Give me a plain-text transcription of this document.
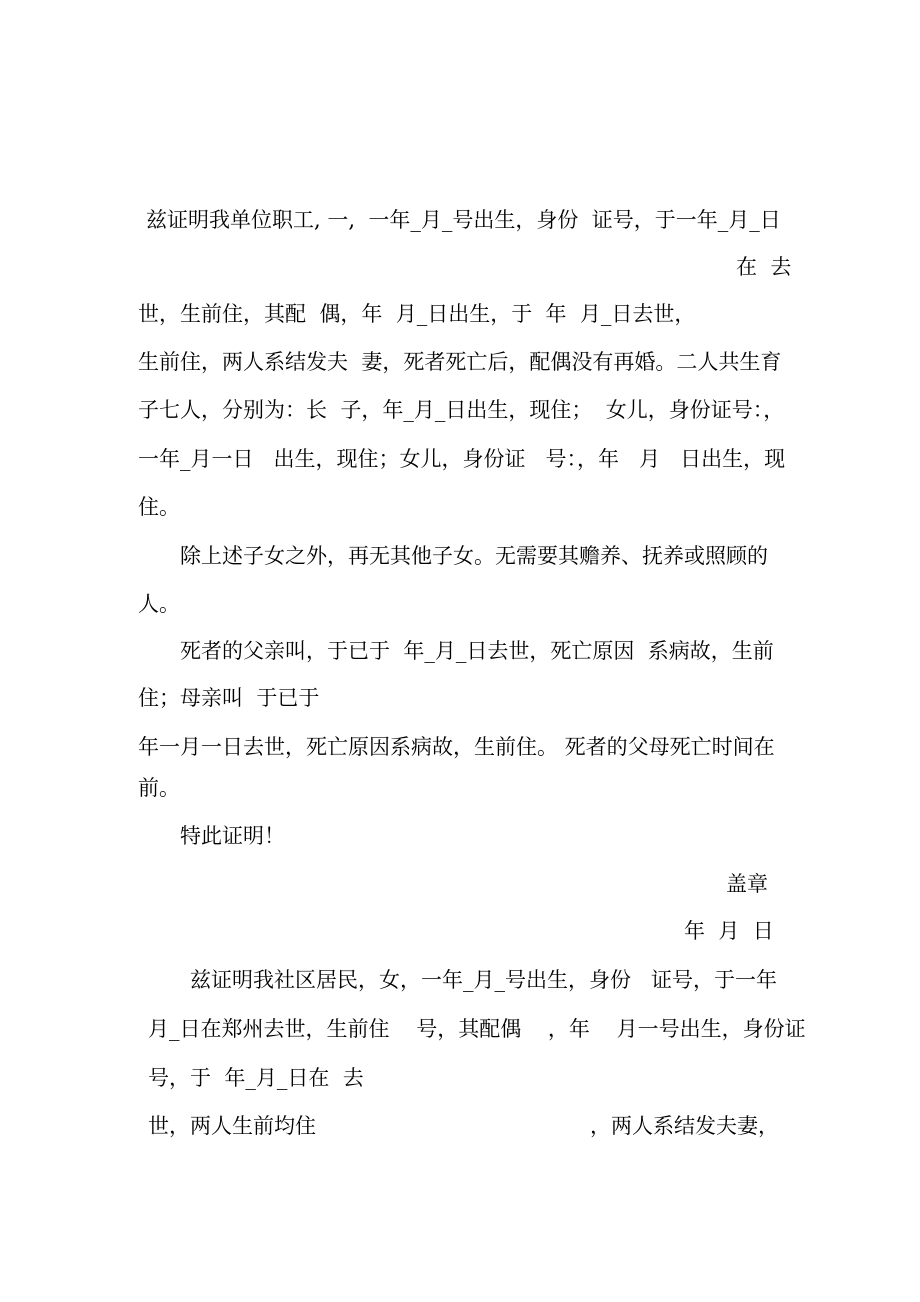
兹证明我单位职工, 一,  一年_月_号出生，身份  证号，于一年_月_日
在  去
世，生前住，其配  偶，年  月_日出生，于  年  月_日去世，
生前住，两人系结发夫  妻，死者死亡后，配偶没有再婚。二人共生育
子七人，分别为：长  子，年_月_日出生，现住；  女儿，身份证号：，
一年_月一日   出生，现住；女儿，身份证   号：，年   月   日出生，现
住。
除上述子女之外，再无其他子女。无需要其赡养、抚养或照顾的
人。
死者的父亲叫，于已于  年_月_日去世，死亡原因  系病故，生前
住；母亲叫  于已于
年一月一日去世，死亡原因系病故，生前住。 死者的父母死亡时间在
前。
特此证明！
盖章
年  月  日
兹证明我社区居民，女，一年_月_号出生，身份   证号，于一年
月_日在郑州去世，生前住    号，其配偶    ，年    月一号出生，身份证
号，于  年_月_日在  去
世，两人生前均住	，两人系结发夫妻，
